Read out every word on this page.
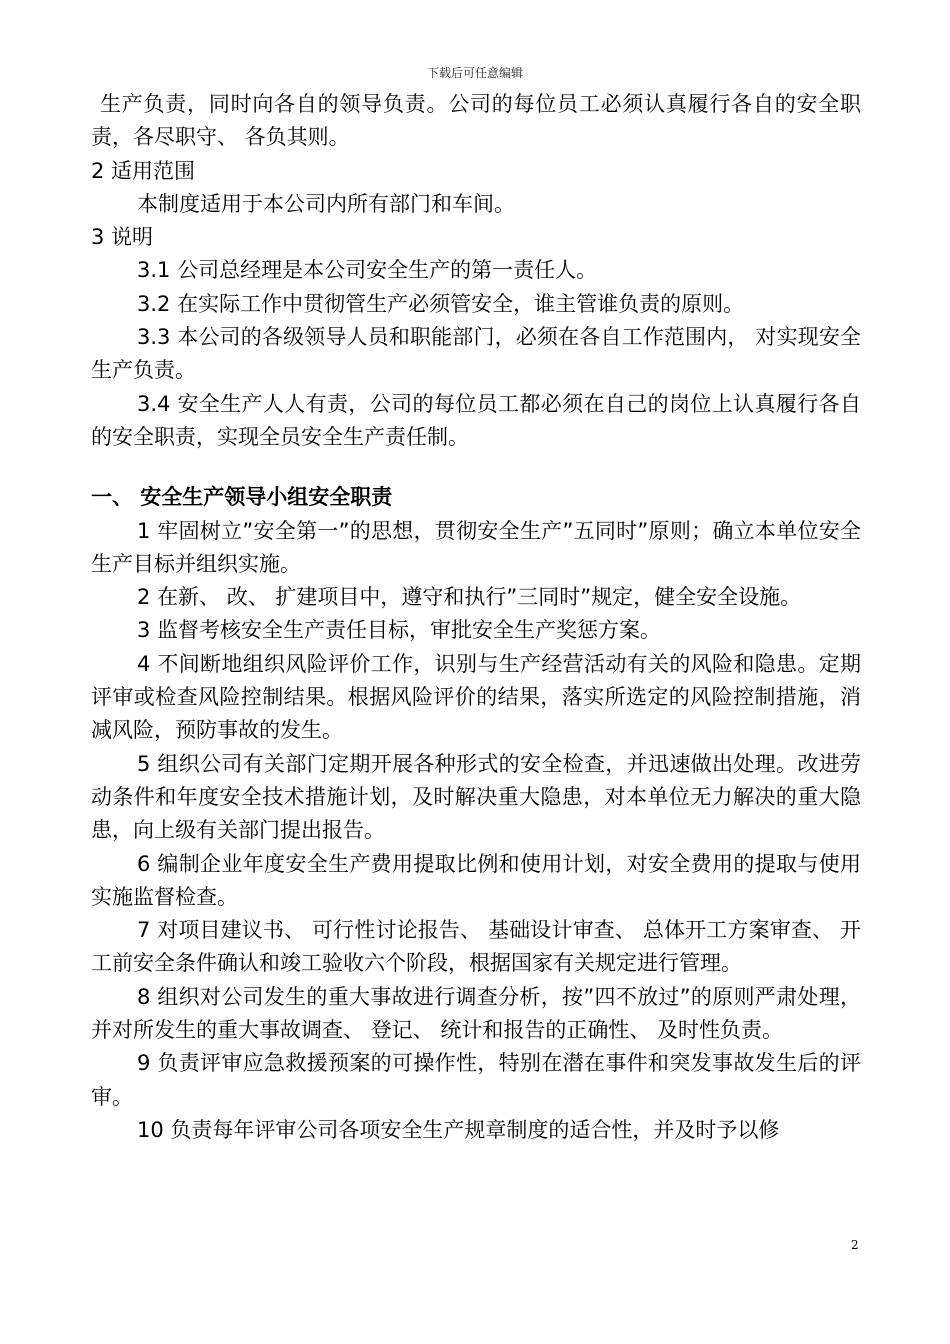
下载后可任意编辑

生产负责，同时向各自的领导负责。公司的每位员工必须认真履行各自的安全职责，各尽职守、 各负其则。

2 适用范围

本制度适用于本公司内所有部门和车间。

3 说明

3.1 公司总经理是本公司安全生产的第一责任人。

3.2 在实际工作中贯彻管生产必须管安全，谁主管谁负责的原则。

3.3 本公司的各级领导人员和职能部门，必须在各自工作范围内， 对实现安全生产负责。

3.4 安全生产人人有责，公司的每位员工都必须在自己的岗位上认真履行各自的安全职责，实现全员安全生产责任制。

一、 安全生产领导小组安全职责

1 牢固树立”安全第一”的思想，贯彻安全生产”五同时”原则；确立本单位安全生产目标并组织实施。

2 在新、 改、 扩建项目中，遵守和执行”三同时”规定，健全安全设施。

3 监督考核安全生产责任目标，审批安全生产奖惩方案。

4 不间断地组织风险评价工作，识别与生产经营活动有关的风险和隐患。定期评审或检查风险控制结果。根据风险评价的结果，落实所选定的风险控制措施，消减风险，预防事故的发生。

5 组织公司有关部门定期开展各种形式的安全检查，并迅速做出处理。改进劳动条件和年度安全技术措施计划，及时解决重大隐患，对本单位无力解决的重大隐患，向上级有关部门提出报告。

6 编制企业年度安全生产费用提取比例和使用计划，对安全费用的提取与使用实施监督检查。

7 对项目建议书、 可行性讨论报告、 基础设计审查、 总体开工方案审查、 开工前安全条件确认和竣工验收六个阶段，根据国家有关规定进行管理。

8 组织对公司发生的重大事故进行调查分析，按”四不放过”的原则严肃处理，并对所发生的重大事故调查、 登记、 统计和报告的正确性、 及时性负责。

9 负责评审应急救援预案的可操作性，特别在潜在事件和突发事故发生后的评审。

10 负责每年评审公司各项安全生产规章制度的适合性，并及时予以修

2
